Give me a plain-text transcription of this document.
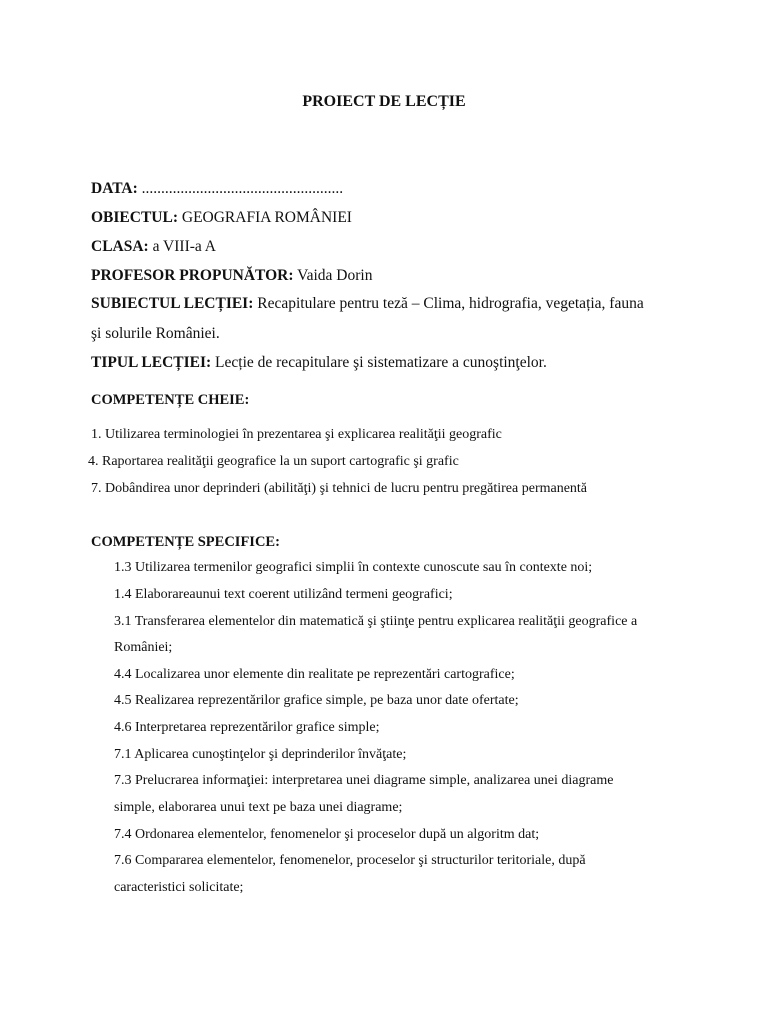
PROIECT DE LECȚIE
DATA: ....................................................
OBIECTUL: GEOGRAFIA ROMÂNIEI
CLASA: a VIII-a A
PROFESOR PROPUNĂTOR: Vaida Dorin
SUBIECTUL LECȚIEI: Recapitulare pentru teză – Clima, hidrografia, vegetația, fauna
şi solurile României.
TIPUL LECȚIEI: Lecție de recapitulare şi sistematizare a cunoştinţelor.
COMPETENȚE CHEIE:
1. Utilizarea terminologiei în prezentarea şi explicarea realităţii geografic
4. Raportarea realităţii geografice la un suport cartografic şi grafic
7. Dobândirea unor deprinderi (abilităţi) şi tehnici de lucru pentru pregătirea permanentă
COMPETENȚE SPECIFICE:
1.3 Utilizarea termenilor geografici simplii în contexte cunoscute sau în contexte noi;
1.4 Elaborareaunui text coerent utilizând termeni geografici;
3.1 Transferarea elementelor din matematică şi ştiinţe pentru explicarea realităţii geografice a
României;
4.4 Localizarea unor elemente din realitate pe reprezentări cartografice;
4.5 Realizarea reprezentărilor grafice simple, pe baza unor date ofertate;
4.6 Interpretarea reprezentărilor grafice simple;
7.1 Aplicarea cunoştinţelor şi deprinderilor învăţate;
7.3 Prelucrarea informaţiei: interpretarea unei diagrame simple, analizarea unei diagrame
simple, elaborarea unui text pe baza unei diagrame;
7.4 Ordonarea elementelor, fenomenelor şi proceselor după un algoritm dat;
7.6 Compararea elementelor, fenomenelor, proceselor şi structurilor teritoriale, după
caracteristici solicitate;
